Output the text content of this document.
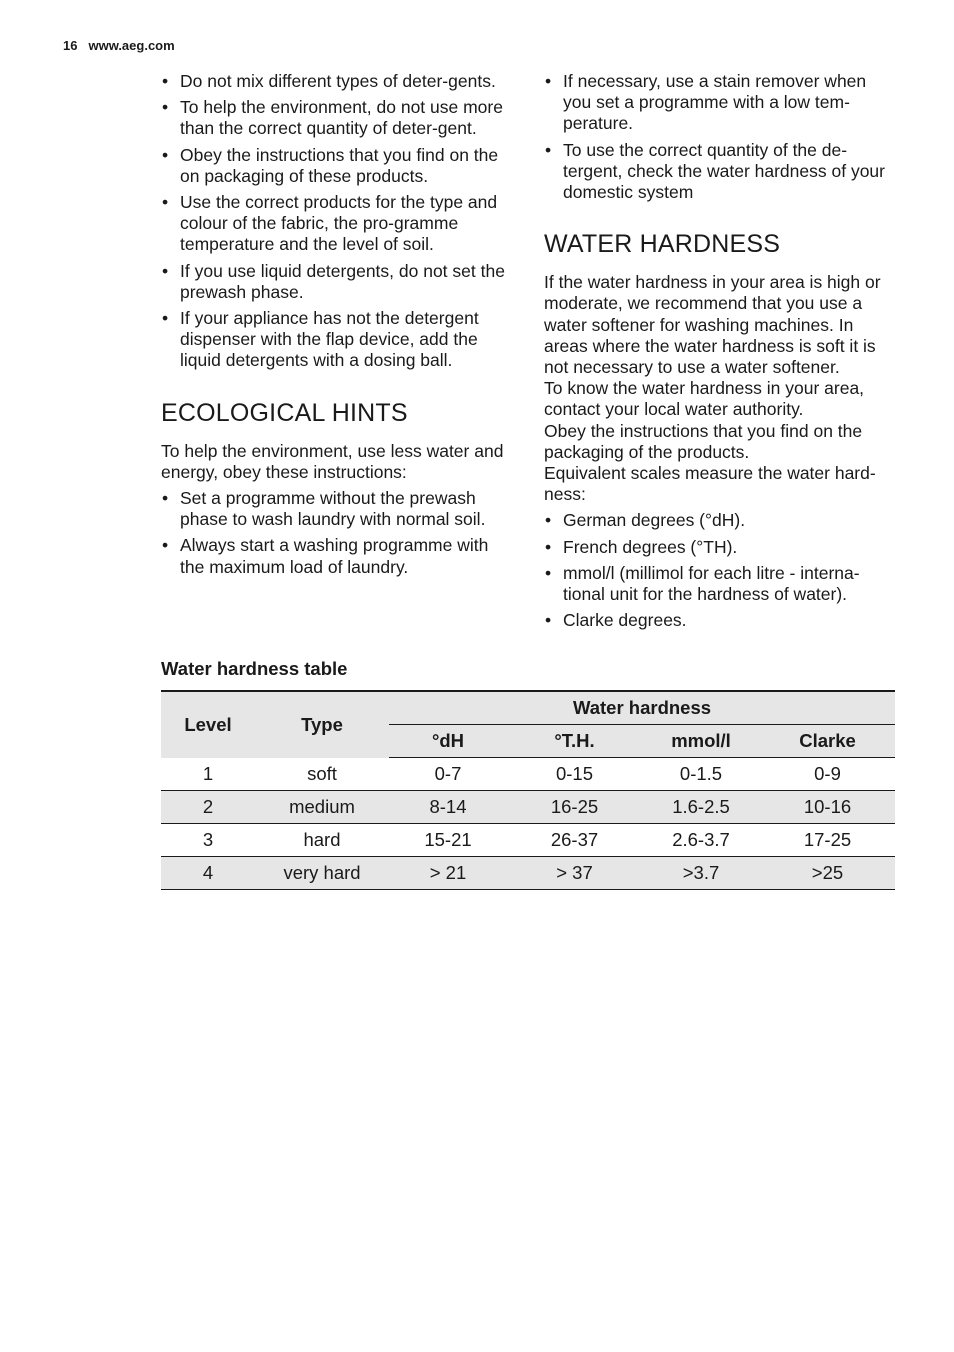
16 www.aeg.com
• Do not mix different types of deter-gents.
• To help the environment, do not use more than the correct quantity of deter-gent.
• Obey the instructions that you find on the on packaging of these products.
• Use the correct products for the type and colour of the fabric, the pro-gramme temperature and the level of soil.
• If you use liquid detergents, do not set the prewash phase.
• If your appliance has not the detergent dispenser with the flap device, add the liquid detergents with a dosing ball.
ECOLOGICAL HINTS

To help the environment, use less water and energy, obey these instructions:

• Set a programme without the prewash phase to wash laundry with normal soil.
• Always start a washing programme with the maximum load of laundry.
• If necessary, use a stain remover when you set a programme with a low tem-perature.
• To use the correct quantity of the de-tergent, check the water hardness of your domestic system
WATER HARDNESS

If the water hardness in your area is high or moderate, we recommend that you use a water softener for washing machines. In areas where the water hardness is soft it is not necessary to use a water softener.

To know the water hardness in your area, contact your local water authority.

Obey the instructions that you find on the packaging of the products.

Equivalent scales measure the water hard-ness:

• German degrees (°dH).
• French degrees (°TH).
• mmol/l (millimol for each litre - interna-tional unit for the hardness of water).
• Clarke degrees.
Water hardness table
Level	Type	Water hardness			
		°dH	°T.H.	mmol/l	Clarke
1	soft	0-7	0-15	0-1.5	0-9
2	medium	8-14	16-25	1.6-2.5	10-16
3	hard	15-21	26-37	2.6-3.7	17-25
4	very hard	> 21	> 37	>3.7	>25
